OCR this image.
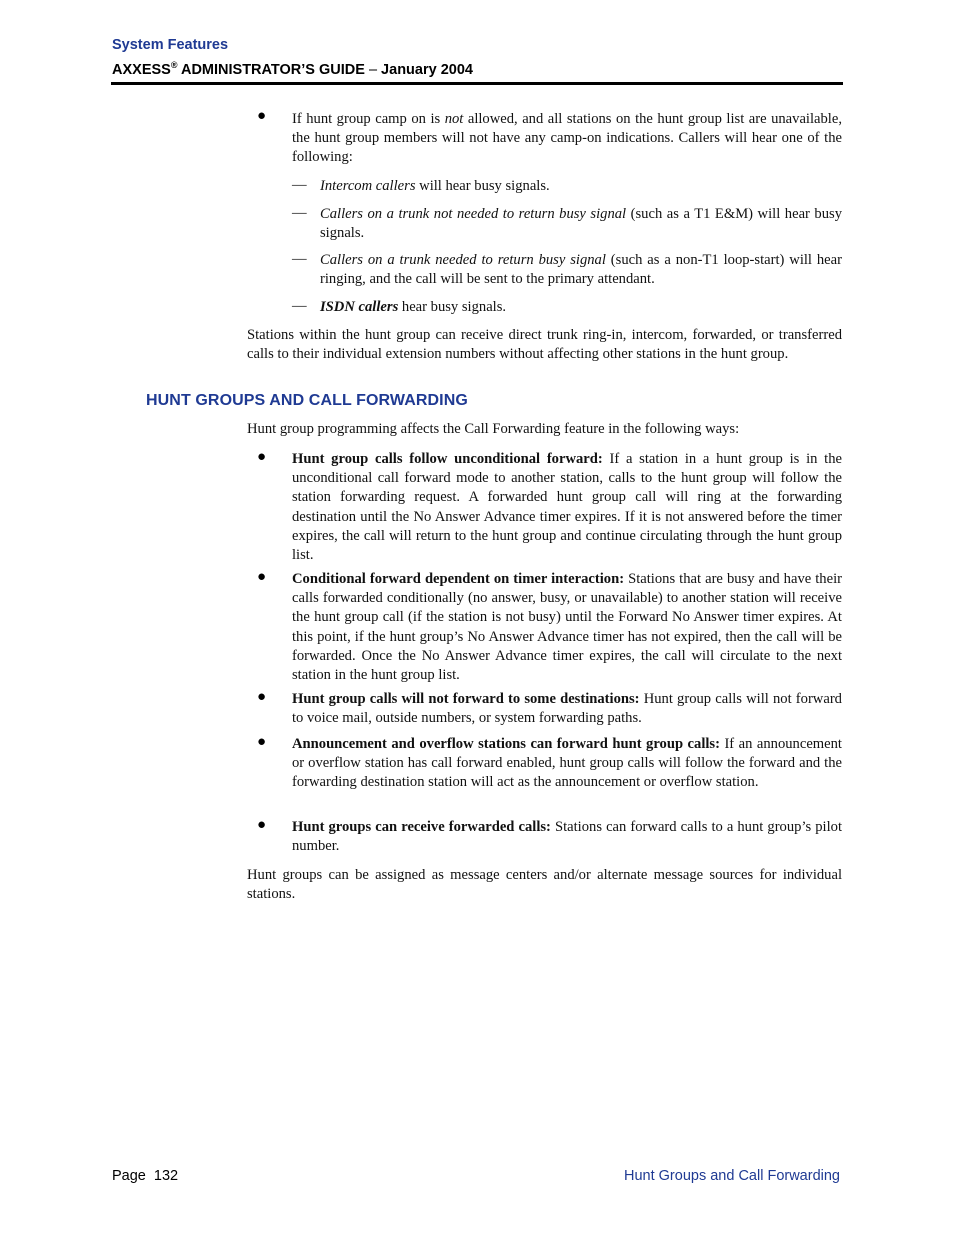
System Features
AXXESS® ADMINISTRATOR’S GUIDE – January 2004
● If hunt group camp on is not allowed, and all stations on the hunt group list are unavailable, the hunt group members will not have any camp-on indications. Callers will hear one of the following:
— Intercom callers will hear busy signals.
— Callers on a trunk not needed to return busy signal (such as a T1 E&M) will hear busy signals.
— Callers on a trunk needed to return busy signal (such as a non-T1 loop-start) will hear ringing, and the call will be sent to the primary attendant.
— ISDN callers hear busy signals.
Stations within the hunt group can receive direct trunk ring-in, intercom, forwarded, or transferred calls to their individual extension numbers without affecting other stations in the hunt group.
HUNT GROUPS AND CALL FORWARDING
Hunt group programming affects the Call Forwarding feature in the following ways:
● Hunt group calls follow unconditional forward: If a station in a hunt group is in the unconditional call forward mode to another station, calls to the hunt group will follow the station forwarding request. A forwarded hunt group call will ring at the forwarding destination until the No Answer Advance timer expires. If it is not answered before the timer expires, the call will return to the hunt group and continue circulating through the hunt group list.
● Conditional forward dependent on timer interaction: Stations that are busy and have their calls forwarded conditionally (no answer, busy, or unavailable) to another station will receive the hunt group call (if the station is not busy) until the Forward No Answer timer expires. At this point, if the hunt group’s No Answer Advance timer has not expired, then the call will be forwarded. Once the No Answer Advance timer expires, the call will circulate to the next station in the hunt group list.
● Hunt group calls will not forward to some destinations: Hunt group calls will not forward to voice mail, outside numbers, or system forwarding paths.
● Announcement and overflow stations can forward hunt group calls: If an announcement or overflow station has call forward enabled, hunt group calls will follow the forward and the forwarding destination station will act as the announcement or overflow station.
● Hunt groups can receive forwarded calls: Stations can forward calls to a hunt group’s pilot number.
Hunt groups can be assigned as message centers and/or alternate message sources for individual stations.
Page  132	Hunt Groups and Call Forwarding
